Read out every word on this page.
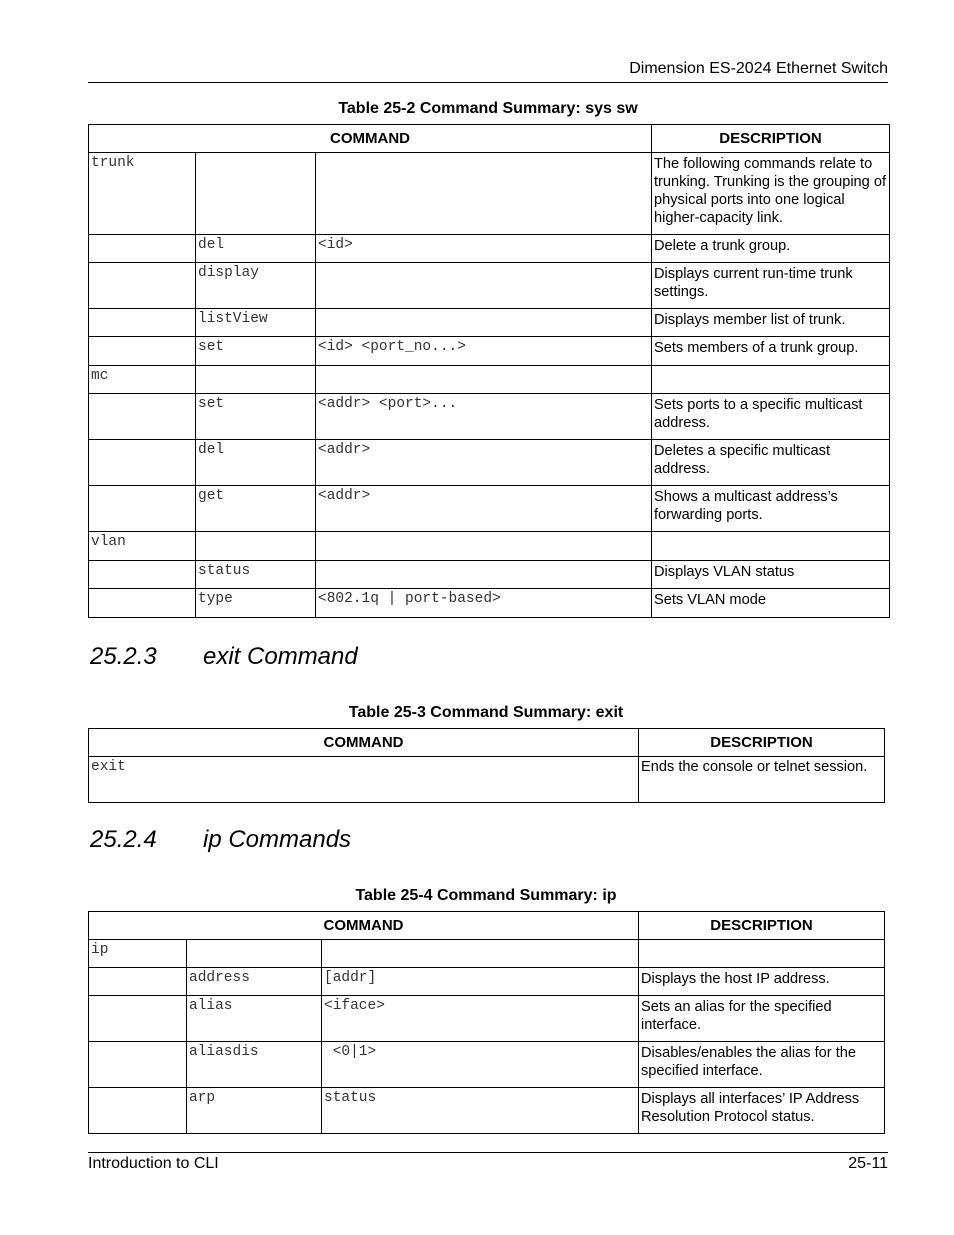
Dimension ES-2024 Ethernet Switch
Table 25-2 Command Summary: sys sw
COMMAND			DESCRIPTION
trunk			The following commands relate to trunking. Trunking is the grouping of physical ports into one logical higher-capacity link.
	del	<id>	Delete a trunk group.
	display		Displays current run-time trunk settings.
	listView		Displays member list of trunk.
	set	<id> <port_no...>	Sets members of a trunk group.
mc			
	set	<addr> <port>...	Sets ports to a specific multicast address.
	del	<addr>	Deletes a specific multicast address.
	get	<addr>	Shows a multicast address’s forwarding ports.
vlan			
	status		Displays VLAN status
	type	<802.1q | port-based>	Sets VLAN mode
25.2.3 exit Command
Table 25-3 Command Summary: exit
COMMAND	DESCRIPTION
exit	Ends the console or telnet session.
25.2.4 ip Commands
Table 25-4 Command Summary: ip
COMMAND			DESCRIPTION
ip			
	address	[addr]	Displays the host IP address.
	alias	<iface>	Sets an alias for the specified interface.
	aliasdis	<0|1>	Disables/enables the alias for the specified interface.
	arp	status	Displays all interfaces’ IP Address Resolution Protocol status.
Introduction to CLI	25-11
